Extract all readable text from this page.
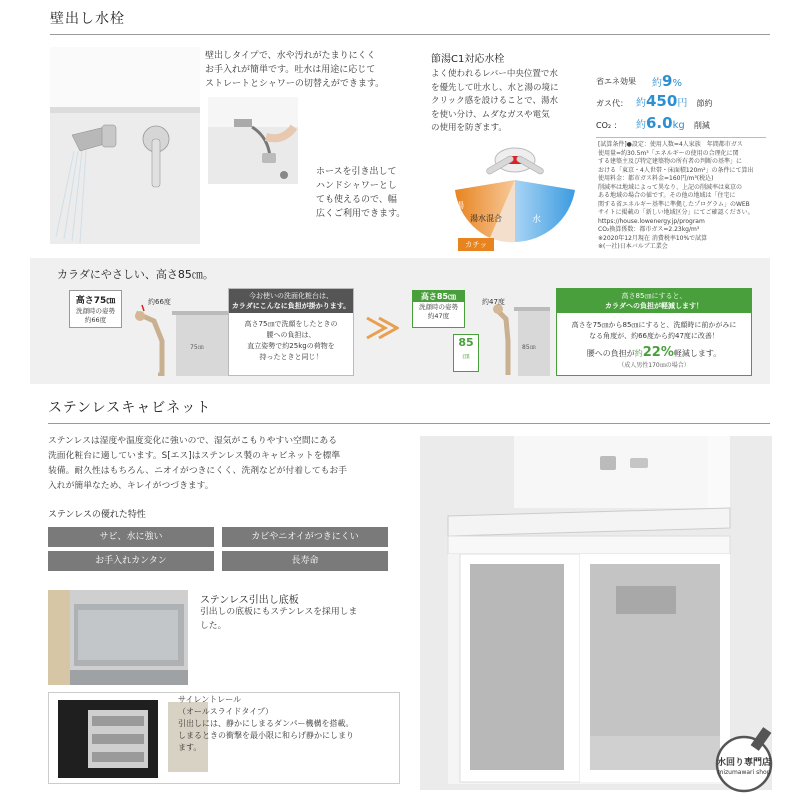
壁出し水栓
壁出しタイプで、水や汚れがたまりにくく
お手入れが簡単です。吐水は用途に応じて
ストレートとシャワーの切替えができます。
ホースを引き出して
ハンドシャワーとし
ても使えるので、幅
広くご利用できます。
節湯C1対応水栓
よく使われるレバー中央位置で水
を優先して吐水し、水と湯の境に
クリック感を設けることで、湯水
を使い分け、ムダなガスや電気
の使用を防ぎます。
湯
湯水混合	水
カチッ
省エネ効果 約9%
ガス代： 約450円 節約
CO₂ ： 約6.0kg 削減
[試算条件]●設定：使用人数=4人家族　年間都市ガス
使用量=約30.5m³「エネルギーの使用の合理化に関
する建築主及び特定建築物の所有者の判断の基準」に
おける「東京・4人世帯・床面積120m²」の条件にて算出
使用料金：都市ガス料金=160円/m³(税込)
削減率は地域によって異なり、上記の削減率は東京の
ある地域の場合の値です。その他の地域は「住宅に
関する省エネルギー基準に準拠したプログラム」のWEB
サイトに掲載の「新しい地域区分」にてご確認ください。
https://house.lowenergy.jp/program
CO₂換算係数：都市ガス=2.23kg/m³
※2020年12月現在 消費税率10%で試算
※(一社)日本バルブ工業会
カラダにやさしい、高さ85㎝。
高さ75㎝
洗顔時の姿勢
約66度
約66度
75㎝
今お使いの洗面化粧台は、
カラダにこんなに負担が掛かります。
高さ75㎝で洗顔をしたときの
腰への負担は、
直立姿勢で約25kgの荷物を
持ったときと同じ！
高さ85㎝
洗顔時の姿勢
約47度
85
㎝
約47度
85㎝
高さ85㎝にすると、
カラダへの負担が軽減します！
高さを75㎝から85㎝にすると、洗顔時に前かがみに
なる角度が、約66度から約47度に改善！
腰への負担が約22%軽減します。
（成人男性170㎝の場合）
ステンレスキャビネット
ステンレスは湿度や温度変化に強いので、湿気がこもりやすい空間にある
洗面化粧台に適しています。S[エス]はステンレス製のキャビネットを標準
装備。耐久性はもちろん、ニオイがつきにくく、洗剤などが付着してもお手
入れが簡単なため、キレイがつづきます。
ステンレスの優れた特性
サビ、水に強い	カビやニオイがつきにくい
お手入れカンタン	長寿命
ステンレス引出し底板
引出しの底板にもステンレスを採用しま
した。
サイレントレール
（オールスライドタイプ）
引出しには、静かにしまるダンパー機構を搭載。
しまるときの衝撃を最小限に和らげ静かにしまり
ます。
水回り専門店
mizumawari shop
